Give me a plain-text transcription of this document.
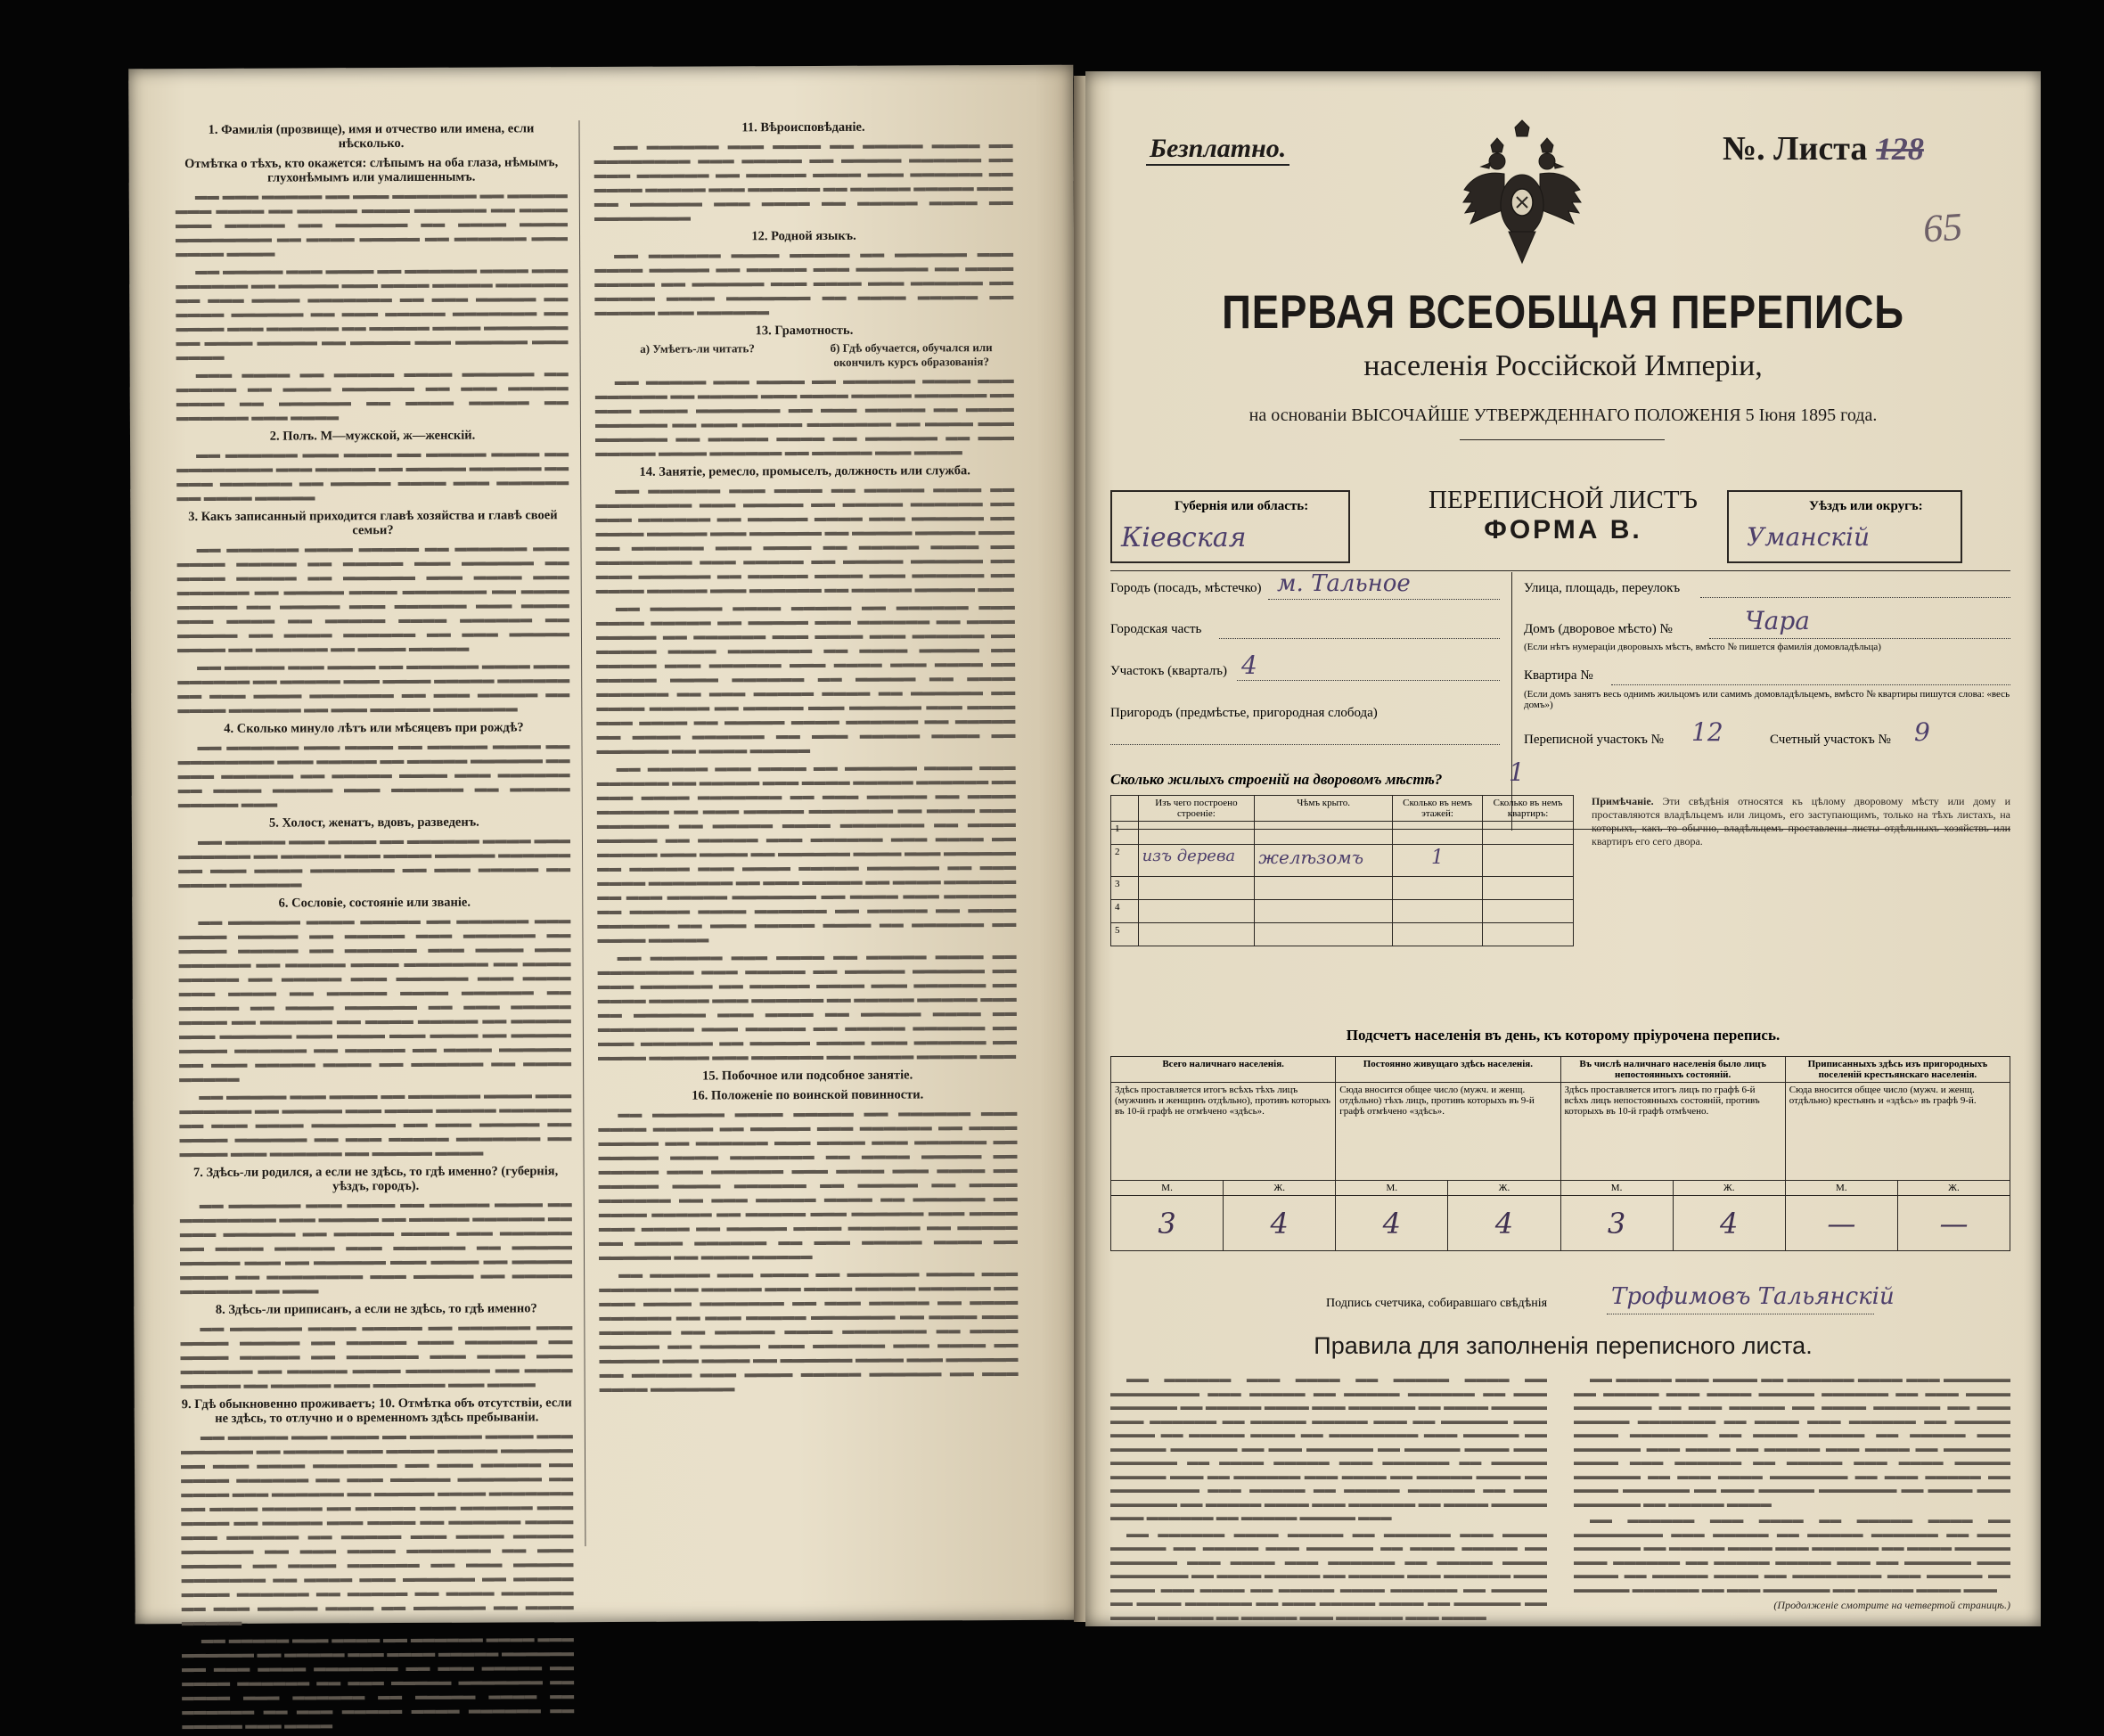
1. Фамилія (прозвище), имя и отчество или имена, если нѣсколько.
Отмѣтка о тѣхъ, кто окажется: слѣпымъ на оба глаза, нѣмымъ, глухонѣмымъ или умалишеннымъ.

▬▬ ▬▬▬ ▬▬▬▬▬ ▬▬ ▬▬▬ ▬▬▬▬▬▬▬ ▬▬ ▬▬▬▬▬ ▬▬▬ ▬▬▬▬ ▬▬ ▬▬▬▬▬ ▬▬▬▬ ▬▬▬▬▬▬ ▬▬ ▬▬▬▬ ▬▬▬ ▬▬▬▬▬ ▬▬ ▬▬▬▬▬▬ ▬▬ ▬▬▬▬ ▬▬▬▬ ▬▬▬▬▬▬▬▬ ▬▬ ▬▬▬▬ ▬▬▬▬▬ ▬▬ ▬▬▬▬▬▬ ▬▬▬ ▬▬▬▬ ▬▬▬▬

▬▬ ▬▬▬▬▬ ▬▬▬ ▬▬▬▬ ▬▬ ▬▬▬▬▬▬ ▬▬▬▬ ▬▬▬ ▬▬▬▬▬▬ ▬▬ ▬▬▬▬▬ ▬▬▬ ▬▬▬▬ ▬▬▬▬▬ ▬▬▬▬▬▬ ▬▬ ▬▬▬ ▬▬▬▬ ▬▬▬▬▬▬▬ ▬▬ ▬▬▬ ▬▬▬▬▬ ▬▬ ▬▬▬▬ ▬▬▬▬▬▬ ▬▬ ▬▬▬ ▬▬▬▬▬ ▬▬▬▬▬▬▬ ▬▬ ▬▬▬▬ ▬▬▬ ▬▬▬▬▬▬ ▬▬ ▬▬▬▬▬ ▬▬▬▬ ▬▬▬▬▬▬▬ ▬▬ ▬▬▬▬ ▬▬▬▬▬ ▬▬ ▬▬▬▬▬ ▬▬▬ ▬▬▬▬▬▬ ▬▬▬ ▬▬▬▬

▬▬▬ ▬▬▬▬ ▬▬ ▬▬▬▬▬ ▬▬▬▬ ▬▬▬▬▬▬ ▬▬ ▬▬▬▬▬ ▬▬ ▬▬▬▬ ▬▬▬▬▬▬ ▬▬ ▬▬▬ ▬▬▬▬▬ ▬▬▬▬ ▬▬ ▬▬▬▬▬▬ ▬▬ ▬▬▬▬ ▬▬▬▬▬ ▬▬ ▬▬▬▬▬▬ ▬▬▬ ▬▬▬▬

2. Полъ. М—мужской, ж—женскій.

▬▬ ▬▬▬▬▬▬ ▬▬▬ ▬▬▬▬ ▬▬ ▬▬▬▬▬ ▬▬▬▬ ▬▬ ▬▬▬▬▬▬▬▬ ▬▬▬ ▬▬▬▬▬ ▬▬ ▬▬▬▬▬ ▬▬▬▬▬▬ ▬▬ ▬▬▬ ▬▬▬▬▬▬ ▬▬ ▬▬▬▬▬ ▬▬▬▬ ▬▬▬ ▬▬▬▬▬▬ ▬▬ ▬▬▬▬ ▬▬▬▬▬

3. Какъ записанный приходится главѣ хозяйства и главѣ своей семьи?

▬▬ ▬▬▬▬▬▬ ▬▬▬▬ ▬▬▬▬▬ ▬▬ ▬▬▬▬▬▬ ▬▬▬ ▬▬▬▬ ▬▬▬▬▬ ▬▬ ▬▬▬▬▬ ▬▬▬ ▬▬▬▬▬▬ ▬▬ ▬▬▬▬ ▬▬▬▬▬ ▬▬ ▬▬▬▬▬▬ ▬▬▬ ▬▬▬▬ ▬▬▬ ▬▬▬▬▬▬ ▬▬ ▬▬▬▬▬ ▬▬▬▬ ▬▬▬▬▬▬▬ ▬▬ ▬▬▬▬ ▬▬▬▬▬ ▬▬ ▬▬▬▬▬ ▬▬▬ ▬▬▬▬▬▬ ▬▬▬ ▬▬▬▬ ▬▬▬ ▬▬▬▬ ▬▬ ▬▬▬▬▬ ▬▬▬▬ ▬▬▬▬▬▬ ▬▬ ▬▬▬▬▬ ▬▬ ▬▬▬▬ ▬▬▬▬▬▬ ▬▬ ▬▬▬ ▬▬▬▬▬ ▬▬▬▬ ▬▬ ▬▬▬▬▬▬ ▬▬ ▬▬▬▬ ▬▬▬▬▬

▬▬ ▬▬▬▬▬ ▬▬▬ ▬▬▬▬ ▬▬ ▬▬▬▬▬▬ ▬▬▬▬ ▬▬▬ ▬▬▬▬▬▬ ▬▬ ▬▬▬▬▬ ▬▬▬ ▬▬▬▬ ▬▬▬▬▬ ▬▬▬▬▬▬ ▬▬ ▬▬▬ ▬▬▬▬ ▬▬▬▬▬▬▬ ▬▬ ▬▬▬ ▬▬▬▬▬ ▬▬ ▬▬▬▬ ▬▬▬▬▬▬ ▬▬ ▬▬▬ ▬▬▬▬▬ ▬▬▬▬▬▬▬

4. Сколько минуло лѣтъ или мѣсяцевъ при рождѣ?

▬▬ ▬▬▬▬▬▬ ▬▬▬ ▬▬▬▬ ▬▬ ▬▬▬▬▬ ▬▬▬▬ ▬▬ ▬▬▬▬▬▬▬▬ ▬▬▬ ▬▬▬▬▬ ▬▬ ▬▬▬▬▬ ▬▬▬▬▬▬ ▬▬ ▬▬▬ ▬▬▬▬▬▬ ▬▬ ▬▬▬▬▬ ▬▬▬▬ ▬▬▬ ▬▬▬▬▬▬ ▬▬ ▬▬▬▬ ▬▬▬▬▬ ▬▬▬ ▬▬▬▬▬▬ ▬▬ ▬▬▬▬▬ ▬▬▬▬▬ ▬▬▬

5. Холост, женатъ, вдовъ, разведенъ.

▬▬ ▬▬▬▬▬ ▬▬▬ ▬▬▬▬ ▬▬ ▬▬▬▬▬▬ ▬▬▬▬ ▬▬▬ ▬▬▬▬▬▬ ▬▬ ▬▬▬▬▬ ▬▬▬ ▬▬▬▬ ▬▬▬▬▬ ▬▬▬▬▬▬ ▬▬ ▬▬▬ ▬▬▬▬ ▬▬▬▬▬▬▬ ▬▬ ▬▬▬ ▬▬▬▬▬ ▬▬ ▬▬▬▬ ▬▬▬▬▬▬

6. Сословіе, состояніе или званіе.

▬▬ ▬▬▬▬▬▬ ▬▬▬▬ ▬▬▬▬▬ ▬▬ ▬▬▬▬▬▬ ▬▬▬ ▬▬▬▬ ▬▬▬▬▬ ▬▬ ▬▬▬▬▬ ▬▬▬ ▬▬▬▬▬▬ ▬▬ ▬▬▬▬ ▬▬▬▬▬ ▬▬ ▬▬▬▬▬▬ ▬▬▬ ▬▬▬▬ ▬▬▬ ▬▬▬▬▬▬ ▬▬ ▬▬▬▬▬ ▬▬▬▬ ▬▬▬▬▬▬▬ ▬▬ ▬▬▬▬ ▬▬▬▬▬ ▬▬ ▬▬▬▬▬ ▬▬▬ ▬▬▬▬▬▬ ▬▬▬ ▬▬▬▬ ▬▬▬ ▬▬▬▬ ▬▬ ▬▬▬▬▬ ▬▬▬▬ ▬▬▬▬▬▬ ▬▬ ▬▬▬▬▬ ▬▬ ▬▬▬▬ ▬▬▬▬▬▬ ▬▬ ▬▬▬ ▬▬▬▬▬ ▬▬▬▬ ▬▬ ▬▬▬▬▬▬ ▬▬ ▬▬▬▬ ▬▬▬▬▬ ▬▬ ▬▬▬▬▬ ▬▬▬ ▬▬▬▬▬▬ ▬▬▬ ▬▬▬▬ ▬▬▬ ▬▬▬▬ ▬▬ ▬▬▬▬▬ ▬▬▬▬ ▬▬▬▬▬▬ ▬▬ ▬▬▬▬▬ ▬▬ ▬▬▬▬ ▬▬▬▬▬▬ ▬▬ ▬▬▬ ▬▬▬▬▬ ▬▬▬▬ ▬▬ ▬▬▬▬▬▬ ▬▬ ▬▬▬▬ ▬▬▬▬▬

▬▬ ▬▬▬▬▬ ▬▬▬ ▬▬▬▬ ▬▬ ▬▬▬▬▬▬ ▬▬▬▬ ▬▬▬ ▬▬▬▬▬▬ ▬▬ ▬▬▬▬▬ ▬▬▬ ▬▬▬▬ ▬▬▬▬▬ ▬▬▬▬▬▬ ▬▬ ▬▬▬ ▬▬▬▬ ▬▬▬▬▬▬▬ ▬▬ ▬▬▬ ▬▬▬▬▬ ▬▬ ▬▬▬▬ ▬▬▬▬▬▬ ▬▬ ▬▬▬ ▬▬▬▬▬ ▬▬▬▬▬▬▬ ▬▬ ▬▬▬▬ ▬▬▬ ▬▬▬▬▬▬ ▬▬ ▬▬▬▬▬ ▬▬▬▬

7. Здѣсь-ли родился, а если не здѣсь, то гдѣ именно? (губернія, уѣздъ, городъ).

▬▬ ▬▬▬▬▬▬ ▬▬▬ ▬▬▬▬ ▬▬ ▬▬▬▬▬ ▬▬▬▬ ▬▬ ▬▬▬▬▬▬▬▬ ▬▬▬ ▬▬▬▬▬ ▬▬ ▬▬▬▬▬ ▬▬▬▬▬▬ ▬▬ ▬▬▬ ▬▬▬▬▬▬ ▬▬ ▬▬▬▬▬ ▬▬▬▬ ▬▬▬ ▬▬▬▬▬▬ ▬▬ ▬▬▬▬ ▬▬▬▬▬ ▬▬▬ ▬▬▬▬▬▬ ▬▬ ▬▬▬▬▬ ▬▬▬▬▬ ▬▬▬ ▬▬ ▬▬▬▬▬▬ ▬▬▬ ▬▬▬▬ ▬▬ ▬▬▬▬▬ ▬▬▬▬ ▬▬ ▬▬▬▬▬▬▬▬ ▬▬▬ ▬▬▬▬▬ ▬▬ ▬▬▬▬▬ ▬▬▬▬▬▬ ▬▬ ▬▬▬

8. Здѣсь-ли приписанъ, а если не здѣсь, то гдѣ именно?

▬▬ ▬▬▬▬▬▬ ▬▬▬▬ ▬▬▬▬▬ ▬▬ ▬▬▬▬▬▬ ▬▬▬ ▬▬▬▬ ▬▬▬▬▬ ▬▬ ▬▬▬▬▬ ▬▬▬ ▬▬▬▬▬▬ ▬▬ ▬▬▬▬ ▬▬▬▬▬ ▬▬ ▬▬▬▬▬▬ ▬▬▬ ▬▬▬▬ ▬▬▬ ▬▬▬▬▬▬ ▬▬ ▬▬▬▬▬ ▬▬▬▬ ▬▬▬▬▬▬▬ ▬▬ ▬▬▬▬ ▬▬▬▬▬ ▬▬ ▬▬▬▬▬ ▬▬▬ ▬▬▬▬▬▬ ▬▬▬ ▬▬▬▬

9. Гдѣ обыкновенно проживаетъ; 10. Отмѣтка объ отсутствіи, если не здѣсь, то отлучно и о временномъ здѣсь пребываніи.

▬▬ ▬▬▬▬▬ ▬▬▬ ▬▬▬▬ ▬▬ ▬▬▬▬▬▬ ▬▬▬▬ ▬▬▬ ▬▬▬▬▬▬ ▬▬ ▬▬▬▬▬ ▬▬▬ ▬▬▬▬ ▬▬▬▬▬ ▬▬▬▬▬▬ ▬▬ ▬▬▬ ▬▬▬▬ ▬▬▬▬▬▬▬ ▬▬ ▬▬▬ ▬▬▬▬▬ ▬▬ ▬▬▬▬ ▬▬▬▬▬▬ ▬▬ ▬▬▬ ▬▬▬▬▬ ▬▬▬▬▬▬▬ ▬▬ ▬▬▬▬ ▬▬▬ ▬▬▬▬▬▬ ▬▬ ▬▬▬▬▬ ▬▬▬▬ ▬▬▬▬▬▬▬ ▬▬ ▬▬▬▬ ▬▬▬▬▬ ▬▬ ▬▬▬▬▬ ▬▬▬ ▬▬▬▬▬▬ ▬▬▬ ▬▬▬▬ ▬▬ ▬▬▬▬▬ ▬▬▬ ▬▬▬▬ ▬▬ ▬▬▬▬▬▬ ▬▬▬▬ ▬▬▬ ▬▬▬▬▬▬ ▬▬ ▬▬▬▬▬ ▬▬▬ ▬▬▬▬ ▬▬▬▬▬ ▬▬▬▬▬▬ ▬▬ ▬▬▬ ▬▬▬▬ ▬▬▬▬▬▬▬ ▬▬ ▬▬▬ ▬▬▬▬▬ ▬▬ ▬▬▬▬ ▬▬▬▬▬▬ ▬▬ ▬▬▬ ▬▬▬▬▬ ▬▬▬▬▬▬▬ ▬▬ ▬▬▬▬ ▬▬▬ ▬▬▬▬▬▬ ▬▬ ▬▬▬▬▬ ▬▬▬▬ ▬▬▬▬▬▬ ▬▬ ▬▬▬▬▬ ▬▬ ▬▬▬▬ ▬▬▬▬▬▬ ▬▬ ▬▬▬ ▬▬▬▬▬ ▬▬▬▬ ▬▬ ▬▬▬▬▬▬ ▬▬ ▬▬▬▬ ▬▬▬▬▬

▬▬ ▬▬▬▬▬ ▬▬▬ ▬▬▬▬ ▬▬ ▬▬▬▬▬▬ ▬▬▬▬ ▬▬▬ ▬▬▬▬▬▬ ▬▬ ▬▬▬▬▬ ▬▬▬ ▬▬▬▬ ▬▬▬▬▬ ▬▬▬▬▬▬ ▬▬ ▬▬▬ ▬▬▬▬ ▬▬▬▬▬▬▬ ▬▬ ▬▬▬ ▬▬▬▬▬ ▬▬ ▬▬▬▬ ▬▬▬▬▬▬ ▬▬ ▬▬▬ ▬▬▬▬▬ ▬▬▬▬▬▬▬ ▬▬ ▬▬▬▬ ▬▬▬ ▬▬▬▬▬▬ ▬▬ ▬▬▬▬▬ ▬▬▬▬ ▬▬ ▬▬▬▬▬▬ ▬▬ ▬▬▬ ▬▬▬▬▬ ▬▬▬▬ ▬▬▬▬▬▬ ▬▬ ▬▬▬▬▬ ▬▬▬ ▬▬▬▬

11. Вѣроисповѣданіе.

▬▬ ▬▬▬▬▬▬ ▬▬▬ ▬▬▬▬ ▬▬ ▬▬▬▬▬ ▬▬▬▬ ▬▬ ▬▬▬▬▬▬▬▬ ▬▬▬ ▬▬▬▬▬ ▬▬ ▬▬▬▬▬ ▬▬▬▬▬▬ ▬▬ ▬▬▬ ▬▬▬▬▬▬ ▬▬ ▬▬▬▬▬ ▬▬▬▬ ▬▬▬ ▬▬▬▬▬▬ ▬▬ ▬▬▬▬ ▬▬▬▬▬ ▬▬▬ ▬▬▬▬▬▬ ▬▬ ▬▬▬▬▬ ▬▬▬▬▬ ▬▬▬ ▬▬ ▬▬▬▬▬▬ ▬▬▬ ▬▬▬▬ ▬▬ ▬▬▬▬▬ ▬▬▬▬ ▬▬ ▬▬▬▬▬▬▬▬

12. Родной языкъ.

▬▬ ▬▬▬▬▬▬ ▬▬▬▬ ▬▬▬▬▬ ▬▬ ▬▬▬▬▬▬ ▬▬▬ ▬▬▬▬ ▬▬▬▬▬ ▬▬ ▬▬▬▬▬ ▬▬▬ ▬▬▬▬▬▬ ▬▬ ▬▬▬▬ ▬▬▬▬▬ ▬▬ ▬▬▬▬▬▬ ▬▬▬ ▬▬▬▬ ▬▬▬ ▬▬▬▬▬▬ ▬▬ ▬▬▬▬▬ ▬▬▬▬ ▬▬▬▬▬▬▬ ▬▬ ▬▬▬▬ ▬▬▬▬▬ ▬▬ ▬▬▬▬▬ ▬▬▬ ▬▬▬▬▬▬

13. Грамотность.
а) Умѣетъ-ли читать?	б) Гдѣ обучается, обучался или окончилъ курсъ образованія?

▬▬ ▬▬▬▬▬ ▬▬▬ ▬▬▬▬ ▬▬ ▬▬▬▬▬▬ ▬▬▬▬ ▬▬▬ ▬▬▬▬▬▬ ▬▬ ▬▬▬▬▬ ▬▬▬ ▬▬▬▬ ▬▬▬▬▬ ▬▬▬▬▬▬ ▬▬ ▬▬▬ ▬▬▬▬ ▬▬▬▬▬▬▬ ▬▬ ▬▬▬ ▬▬▬▬▬ ▬▬ ▬▬▬▬ ▬▬▬▬▬▬ ▬▬ ▬▬▬ ▬▬▬▬▬ ▬▬▬▬▬▬▬ ▬▬ ▬▬▬▬ ▬▬▬ ▬▬▬▬▬▬ ▬▬ ▬▬▬▬▬ ▬▬▬▬ ▬▬ ▬▬▬▬▬▬ ▬▬ ▬▬▬ ▬▬▬▬▬ ▬▬▬▬ ▬▬▬▬▬▬ ▬▬ ▬▬▬▬▬ ▬▬▬ ▬▬▬▬

14. Занятіе, ремесло, промыселъ, должность или служба.

▬▬ ▬▬▬▬▬▬ ▬▬▬ ▬▬▬▬ ▬▬ ▬▬▬▬▬ ▬▬▬▬ ▬▬ ▬▬▬▬▬▬▬▬ ▬▬▬ ▬▬▬▬▬ ▬▬ ▬▬▬▬▬ ▬▬▬▬▬▬ ▬▬ ▬▬▬ ▬▬▬▬▬▬ ▬▬ ▬▬▬▬▬ ▬▬▬▬ ▬▬▬ ▬▬▬▬▬▬ ▬▬ ▬▬▬▬ ▬▬▬▬▬ ▬▬▬ ▬▬▬▬▬▬ ▬▬ ▬▬▬▬▬ ▬▬▬▬▬ ▬▬▬ ▬▬ ▬▬▬▬▬▬ ▬▬▬ ▬▬▬▬ ▬▬ ▬▬▬▬▬ ▬▬▬▬ ▬▬ ▬▬▬▬▬▬▬▬ ▬▬▬ ▬▬▬▬▬ ▬▬ ▬▬▬▬▬ ▬▬▬▬▬▬ ▬▬ ▬▬▬ ▬▬▬▬▬▬ ▬▬ ▬▬▬▬▬ ▬▬▬▬ ▬▬▬ ▬▬▬▬▬▬ ▬▬ ▬▬▬▬ ▬▬▬▬▬ ▬▬▬ ▬▬▬▬▬▬ ▬▬ ▬▬▬▬▬ ▬▬▬▬▬ ▬▬▬

▬▬ ▬▬▬▬▬▬ ▬▬▬▬ ▬▬▬▬▬ ▬▬ ▬▬▬▬▬▬ ▬▬▬ ▬▬▬▬ ▬▬▬▬▬ ▬▬ ▬▬▬▬▬ ▬▬▬ ▬▬▬▬▬▬ ▬▬ ▬▬▬▬ ▬▬▬▬▬ ▬▬ ▬▬▬▬▬▬ ▬▬▬ ▬▬▬▬ ▬▬▬ ▬▬▬▬▬▬ ▬▬ ▬▬▬▬▬ ▬▬▬▬ ▬▬▬▬▬▬▬ ▬▬ ▬▬▬▬ ▬▬▬▬▬ ▬▬ ▬▬▬▬▬ ▬▬▬ ▬▬▬▬▬▬ ▬▬▬ ▬▬▬▬ ▬▬▬ ▬▬▬▬ ▬▬ ▬▬▬▬▬ ▬▬▬▬ ▬▬▬▬▬▬ ▬▬ ▬▬▬▬▬ ▬▬ ▬▬▬▬ ▬▬▬▬▬▬ ▬▬ ▬▬▬ ▬▬▬▬▬ ▬▬▬▬ ▬▬ ▬▬▬▬▬▬ ▬▬ ▬▬▬▬ ▬▬▬▬▬ ▬▬ ▬▬▬▬▬ ▬▬▬ ▬▬▬▬▬▬ ▬▬▬ ▬▬▬▬ ▬▬▬ ▬▬▬▬ ▬▬ ▬▬▬▬▬ ▬▬▬▬ ▬▬▬▬▬▬ ▬▬ ▬▬▬▬▬ ▬▬ ▬▬▬▬ ▬▬▬▬▬▬ ▬▬ ▬▬▬ ▬▬▬▬▬ ▬▬▬▬ ▬▬ ▬▬▬▬▬▬ ▬▬ ▬▬▬▬ ▬▬▬▬▬

▬▬ ▬▬▬▬▬ ▬▬▬ ▬▬▬▬ ▬▬ ▬▬▬▬▬▬ ▬▬▬▬ ▬▬▬ ▬▬▬▬▬▬ ▬▬ ▬▬▬▬▬ ▬▬▬ ▬▬▬▬ ▬▬▬▬▬ ▬▬▬▬▬▬ ▬▬ ▬▬▬ ▬▬▬▬ ▬▬▬▬▬▬▬ ▬▬ ▬▬▬ ▬▬▬▬▬ ▬▬ ▬▬▬▬ ▬▬▬▬▬▬ ▬▬ ▬▬▬ ▬▬▬▬▬ ▬▬▬▬▬▬▬ ▬▬ ▬▬▬▬ ▬▬▬ ▬▬▬▬▬▬ ▬▬ ▬▬▬▬▬ ▬▬▬▬ ▬▬▬▬▬▬▬ ▬▬ ▬▬▬▬ ▬▬▬▬▬ ▬▬ ▬▬▬▬▬ ▬▬▬ ▬▬▬▬▬▬ ▬▬▬ ▬▬▬▬ ▬▬ ▬▬▬▬▬ ▬▬▬ ▬▬▬▬ ▬▬ ▬▬▬▬▬▬ ▬▬▬▬ ▬▬▬ ▬▬▬▬▬▬ ▬▬ ▬▬▬▬▬ ▬▬▬ ▬▬▬▬ ▬▬▬▬▬ ▬▬▬▬▬▬ ▬▬ ▬▬▬ ▬▬▬▬ ▬▬▬▬▬▬▬ ▬▬ ▬▬▬ ▬▬▬▬▬ ▬▬ ▬▬▬▬ ▬▬▬▬▬▬ ▬▬ ▬▬▬ ▬▬▬▬▬ ▬▬▬▬▬▬▬ ▬▬ ▬▬▬▬ ▬▬▬ ▬▬▬▬▬▬ ▬▬ ▬▬▬▬▬ ▬▬▬▬ ▬▬▬▬▬▬ ▬▬ ▬▬▬▬▬ ▬▬ ▬▬▬▬ ▬▬▬▬▬▬ ▬▬ ▬▬▬ ▬▬▬▬▬ ▬▬▬▬ ▬▬ ▬▬▬▬▬▬ ▬▬ ▬▬▬▬ ▬▬▬▬▬

▬▬ ▬▬▬▬▬▬ ▬▬▬ ▬▬▬▬ ▬▬ ▬▬▬▬▬ ▬▬▬▬ ▬▬ ▬▬▬▬▬▬▬▬ ▬▬▬ ▬▬▬▬▬ ▬▬ ▬▬▬▬▬ ▬▬▬▬▬▬ ▬▬ ▬▬▬ ▬▬▬▬▬▬ ▬▬ ▬▬▬▬▬ ▬▬▬▬ ▬▬▬ ▬▬▬▬▬▬ ▬▬ ▬▬▬▬ ▬▬▬▬▬ ▬▬▬ ▬▬▬▬▬▬ ▬▬ ▬▬▬▬▬ ▬▬▬▬▬ ▬▬▬ ▬▬ ▬▬▬▬▬▬ ▬▬▬ ▬▬▬▬ ▬▬ ▬▬▬▬▬ ▬▬▬▬ ▬▬ ▬▬▬▬▬▬▬▬ ▬▬▬ ▬▬▬▬▬ ▬▬ ▬▬▬▬▬ ▬▬▬▬▬▬ ▬▬ ▬▬▬ ▬▬▬▬▬▬ ▬▬ ▬▬▬▬▬ ▬▬▬▬ ▬▬▬ ▬▬▬▬▬▬ ▬▬ ▬▬▬▬ ▬▬▬▬▬ ▬▬▬ ▬▬▬▬▬▬ ▬▬ ▬▬▬▬▬ ▬▬▬▬▬ ▬▬▬

15. Побочное или подсобное занятіе.
16. Положеніе по воинской повинности.

▬▬ ▬▬▬▬▬▬ ▬▬▬▬ ▬▬▬▬▬ ▬▬ ▬▬▬▬▬▬ ▬▬▬ ▬▬▬▬ ▬▬▬▬▬ ▬▬ ▬▬▬▬▬ ▬▬▬ ▬▬▬▬▬▬ ▬▬ ▬▬▬▬ ▬▬▬▬▬ ▬▬ ▬▬▬▬▬▬ ▬▬▬ ▬▬▬▬ ▬▬▬ ▬▬▬▬▬▬ ▬▬ ▬▬▬▬▬ ▬▬▬▬ ▬▬▬▬▬▬▬ ▬▬ ▬▬▬▬ ▬▬▬▬▬ ▬▬ ▬▬▬▬▬ ▬▬▬ ▬▬▬▬▬▬ ▬▬▬ ▬▬▬▬ ▬▬▬ ▬▬▬▬ ▬▬ ▬▬▬▬▬ ▬▬▬▬ ▬▬▬▬▬▬ ▬▬ ▬▬▬▬▬ ▬▬ ▬▬▬▬ ▬▬▬▬▬▬ ▬▬ ▬▬▬ ▬▬▬▬▬ ▬▬▬▬ ▬▬ ▬▬▬▬▬▬ ▬▬ ▬▬▬▬ ▬▬▬▬▬ ▬▬ ▬▬▬▬▬ ▬▬▬ ▬▬▬▬▬▬ ▬▬▬ ▬▬▬▬ ▬▬▬ ▬▬▬▬ ▬▬ ▬▬▬▬▬ ▬▬▬▬ ▬▬▬▬▬▬ ▬▬ ▬▬▬▬▬ ▬▬ ▬▬▬▬ ▬▬▬▬▬▬ ▬▬ ▬▬▬ ▬▬▬▬▬ ▬▬▬▬ ▬▬ ▬▬▬▬▬▬ ▬▬ ▬▬▬▬ ▬▬▬▬▬

▬▬ ▬▬▬▬▬ ▬▬▬ ▬▬▬▬ ▬▬ ▬▬▬▬▬▬ ▬▬▬▬ ▬▬▬ ▬▬▬▬▬▬ ▬▬ ▬▬▬▬▬ ▬▬▬ ▬▬▬▬ ▬▬▬▬▬ ▬▬▬▬▬▬ ▬▬ ▬▬▬ ▬▬▬▬ ▬▬▬▬▬▬▬ ▬▬ ▬▬▬ ▬▬▬▬▬ ▬▬ ▬▬▬▬ ▬▬▬▬▬▬ ▬▬ ▬▬▬ ▬▬▬▬▬ ▬▬▬▬▬▬▬ ▬▬ ▬▬▬▬ ▬▬▬ ▬▬▬▬▬▬ ▬▬ ▬▬▬▬▬ ▬▬▬▬ ▬▬▬▬▬▬▬ ▬▬ ▬▬▬▬ ▬▬▬▬▬ ▬▬ ▬▬▬▬▬ ▬▬▬ ▬▬▬▬▬▬ ▬▬▬ ▬▬▬▬ ▬▬ ▬▬▬▬▬ ▬▬▬ ▬▬▬▬ ▬▬ ▬▬▬▬▬▬ ▬▬▬▬ ▬▬▬ ▬▬▬▬▬▬ ▬▬ ▬▬▬▬▬ ▬▬▬ ▬▬▬▬ ▬▬▬▬▬ ▬▬▬▬▬▬ ▬▬ ▬▬▬ ▬▬▬▬ ▬▬▬▬▬▬▬

Безплатно.	№. Листа 128
65
ПЕРВАЯ ВСЕОБЩАЯ ПЕРЕПИСЬ
населенія Россійской Имперіи,
на основаніи ВЫСОЧАЙШЕ УТВЕРЖДЕННАГО ПОЛОЖЕНІЯ 5 Іюня 1895 года.
Губернія или область:
Кіевская
ПЕРЕПИСНОЙ ЛИСТЪ
ФОРМА В.
Уѣздъ или округъ:
Уманскій
Городъ (посадъ, мѣстечко) м. Тальное
Городская часть
Участокъ (кварталъ) 4
Пригородъ (предмѣстье, пригородная слобода)
Улица, площадь, переулокъ
Домъ (дворовое мѣсто) №	Чара
(Если нѣтъ нумераціи дворовыхъ мѣстъ, вмѣсто № пишется фамилія домовладѣльца)
Квартира №
(Если домъ занятъ весь однимъ жильцомъ или самимъ домовладѣльцемъ, вмѣсто № квартиры пишутся слова: «весь домъ»)
Переписной участокъ № 12	Счетный участокъ № 9
Сколько жилыхъ строеній на дворовомъ мѣстѣ?	1
	Изъ чего построено строеніе:	Чѣмъ крыто.	Сколько въ немъ этажей:	Сколько въ немъ квартиръ:
1				
2	изъ дерева	желѣзомъ	1	
3				
4				
5				
Примѣчаніе. Эти свѣдѣнія относятся къ цѣлому дворовому мѣсту или дому и проставляются владѣльцемъ или лицомъ, его заступающимъ, только на тѣхъ листахъ, на которыхъ, какъ то обычно, владѣльцемъ проставлены листы отдѣльныхъ хозяйствъ или квартиръ его сего двора.
Подсчетъ населенія въ день, къ которому пріурочена перепись.
Всего наличнаго населенія.		Постоянно живущаго здѣсь населенія.		Въ числѣ наличнаго населенія было лицъ непостоянныхъ состояній.		Приписанныхъ здѣсь изъ пригородныхъ поселеній крестьянскаго населенія.	
Здѣсь проставляется итогъ всѣхъ тѣхъ лицъ (мужчинъ и женщинъ отдѣльно), противъ которыхъ въ 10-й графѣ не отмѣчено «здѣсь».		Сюда вносится общее число (мужч. и женщ. отдѣльно) тѣхъ лицъ, противъ которыхъ въ 9-й графѣ отмѣчено «здѣсь».		Здѣсь проставляется итогъ лицъ по графѣ 6-й всѣхъ лицъ непостоянныхъ состояній, противъ которыхъ въ 10-й графѣ отмѣчено.		Сюда вносится общее число (мужч. и женщ. отдѣльно) крестьянъ и «здѣсь» въ графѣ 9-й.	
М.	Ж.	М.	Ж.	М.	Ж.	М.	Ж.
3	4	4	4	3	4	—	—
Подпись счетчика, собиравшаго свѣдѣнія	Трофимовъ Тальянскій
Правила для заполненія переписного листа.

▬▬ ▬▬▬▬▬▬ ▬▬▬ ▬▬▬▬ ▬▬ ▬▬▬▬▬ ▬▬▬▬ ▬▬ ▬▬▬▬▬▬▬▬ ▬▬▬ ▬▬▬▬▬ ▬▬ ▬▬▬▬▬ ▬▬▬▬▬▬ ▬▬ ▬▬▬ ▬▬▬▬▬▬ ▬▬ ▬▬▬▬▬ ▬▬▬▬ ▬▬▬ ▬▬▬▬▬▬ ▬▬ ▬▬▬▬ ▬▬▬▬▬ ▬▬▬ ▬▬▬▬▬▬ ▬▬ ▬▬▬▬▬ ▬▬▬▬▬ ▬▬▬ ▬▬ ▬▬▬▬▬▬ ▬▬▬ ▬▬▬▬ ▬▬ ▬▬▬▬▬ ▬▬▬▬ ▬▬ ▬▬▬▬▬▬▬▬ ▬▬▬ ▬▬▬▬▬ ▬▬ ▬▬▬▬▬ ▬▬▬▬▬▬ ▬▬ ▬▬▬ ▬▬▬▬▬▬ ▬▬ ▬▬▬▬▬ ▬▬▬▬ ▬▬▬ ▬▬▬▬▬▬ ▬▬ ▬▬▬▬ ▬▬▬▬▬ ▬▬▬ ▬▬▬▬▬▬ ▬▬ ▬▬▬▬▬ ▬▬▬▬▬ ▬▬▬ ▬▬ ▬▬▬▬▬▬ ▬▬▬ ▬▬▬▬ ▬▬ ▬▬▬▬▬ ▬▬▬▬ ▬▬ ▬▬▬▬▬▬▬▬ ▬▬▬ ▬▬▬▬▬ ▬▬ ▬▬▬▬▬ ▬▬▬▬▬▬ ▬▬ ▬▬▬ ▬▬▬▬▬▬ ▬▬ ▬▬▬▬▬ ▬▬▬▬ ▬▬▬ ▬▬▬▬▬▬ ▬▬ ▬▬▬▬ ▬▬▬▬▬ ▬▬▬ ▬▬▬▬▬▬ ▬▬ ▬▬▬▬▬ ▬▬▬▬▬ ▬▬▬

▬▬ ▬▬▬▬▬▬ ▬▬▬▬ ▬▬▬▬▬ ▬▬ ▬▬▬▬▬▬ ▬▬▬ ▬▬▬▬ ▬▬▬▬▬ ▬▬ ▬▬▬▬▬ ▬▬▬ ▬▬▬▬▬▬ ▬▬ ▬▬▬▬ ▬▬▬▬▬ ▬▬ ▬▬▬▬▬▬ ▬▬▬ ▬▬▬▬ ▬▬▬ ▬▬▬▬▬▬ ▬▬ ▬▬▬▬▬ ▬▬▬▬ ▬▬▬▬▬▬▬ ▬▬ ▬▬▬▬ ▬▬▬▬▬ ▬▬ ▬▬▬▬▬ ▬▬▬ ▬▬▬▬▬▬ ▬▬▬ ▬▬▬▬ ▬▬▬ ▬▬▬▬ ▬▬ ▬▬▬▬▬ ▬▬▬▬ ▬▬▬▬▬▬ ▬▬ ▬▬▬▬▬ ▬▬ ▬▬▬▬ ▬▬▬▬▬▬ ▬▬ ▬▬▬ ▬▬▬▬▬ ▬▬▬▬ ▬▬ ▬▬▬▬▬▬ ▬▬ ▬▬▬▬ ▬▬▬▬▬ ▬▬ ▬▬▬▬▬ ▬▬▬ ▬▬▬▬▬▬ ▬▬▬ ▬▬▬▬

▬▬ ▬▬▬▬▬ ▬▬▬ ▬▬▬▬ ▬▬ ▬▬▬▬▬▬ ▬▬▬▬ ▬▬▬ ▬▬▬▬▬▬ ▬▬ ▬▬▬▬▬ ▬▬▬ ▬▬▬▬ ▬▬▬▬▬ ▬▬▬▬▬▬ ▬▬ ▬▬▬ ▬▬▬▬ ▬▬▬▬▬▬▬ ▬▬ ▬▬▬ ▬▬▬▬▬ ▬▬ ▬▬▬▬ ▬▬▬▬▬▬ ▬▬ ▬▬▬ ▬▬▬▬▬ ▬▬▬▬▬▬▬ ▬▬ ▬▬▬▬ ▬▬▬ ▬▬▬▬▬▬ ▬▬ ▬▬▬▬▬ ▬▬▬▬ ▬▬▬▬▬▬▬ ▬▬ ▬▬▬▬ ▬▬▬▬▬ ▬▬ ▬▬▬▬▬ ▬▬▬ ▬▬▬▬▬▬ ▬▬▬ ▬▬▬▬ ▬▬ ▬▬▬▬▬ ▬▬▬ ▬▬▬▬ ▬▬ ▬▬▬▬▬▬ ▬▬▬▬ ▬▬▬ ▬▬▬▬▬▬ ▬▬ ▬▬▬▬▬ ▬▬▬ ▬▬▬▬ ▬▬▬▬▬ ▬▬▬▬▬▬ ▬▬ ▬▬▬ ▬▬▬▬ ▬▬▬▬▬▬▬ ▬▬ ▬▬▬ ▬▬▬▬▬ ▬▬ ▬▬▬▬ ▬▬▬▬▬▬ ▬▬ ▬▬▬ ▬▬▬▬▬ ▬▬▬▬▬▬▬ ▬▬ ▬▬▬▬ ▬▬▬ ▬▬▬▬▬▬ ▬▬ ▬▬▬▬▬ ▬▬▬▬

▬▬ ▬▬▬▬▬▬ ▬▬▬ ▬▬▬▬ ▬▬ ▬▬▬▬▬ ▬▬▬▬ ▬▬ ▬▬▬▬▬▬▬▬ ▬▬▬ ▬▬▬▬▬ ▬▬ ▬▬▬▬▬ ▬▬▬▬▬▬ ▬▬ ▬▬▬ ▬▬▬▬▬▬ ▬▬ ▬▬▬▬▬ ▬▬▬▬ ▬▬▬ ▬▬▬▬▬▬ ▬▬ ▬▬▬▬ ▬▬▬▬▬ ▬▬▬ ▬▬▬▬▬▬ ▬▬ ▬▬▬▬▬ ▬▬▬▬▬ ▬▬▬ ▬▬ ▬▬▬▬▬▬ ▬▬▬ ▬▬▬▬ ▬▬ ▬▬▬▬▬ ▬▬▬▬ ▬▬ ▬▬▬▬▬▬▬▬ ▬▬▬ ▬▬▬▬▬ ▬▬ ▬▬▬▬▬ ▬▬▬▬▬▬ ▬▬ ▬▬▬ ▬▬▬▬▬▬ ▬▬ ▬▬▬▬▬ ▬▬▬▬ ▬▬▬

(Продолженіе смотрите на четвертой страницѣ.)
